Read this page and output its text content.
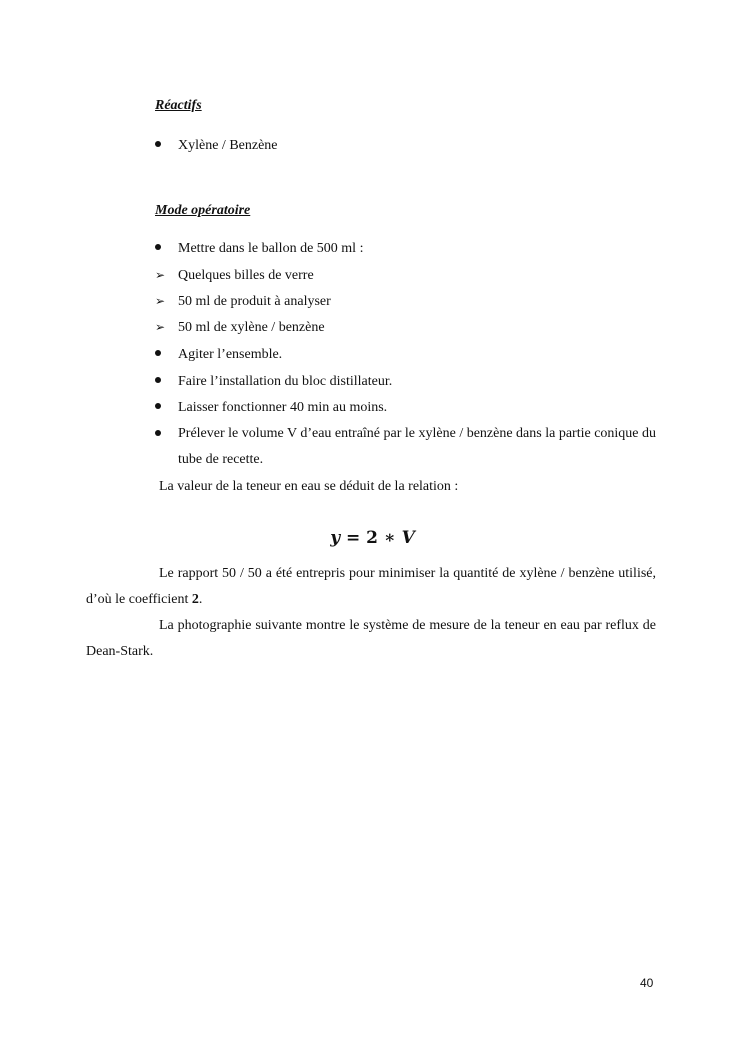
Réactifs
Xylène / Benzène
Mode opératoire
Mettre dans le ballon de 500 ml :
➢ Quelques billes de verre
➢ 50 ml de produit à analyser
➢ 50 ml de xylène / benzène
Agiter l’ensemble.
Faire l’installation du bloc distillateur.
Laisser fonctionner 40 min au moins.
Prélever le volume V d’eau entraîné par le xylène / benzène dans la partie conique du tube de recette.
La valeur de la teneur en eau se déduit de la relation :
y = 2 ∗ V
Le rapport 50 / 50 a été entrepris pour minimiser la quantité de xylène / benzène utilisé, d’où le coefficient 2.
La photographie suivante montre le système de mesure de la teneur en eau par reflux de Dean-Stark.
40
